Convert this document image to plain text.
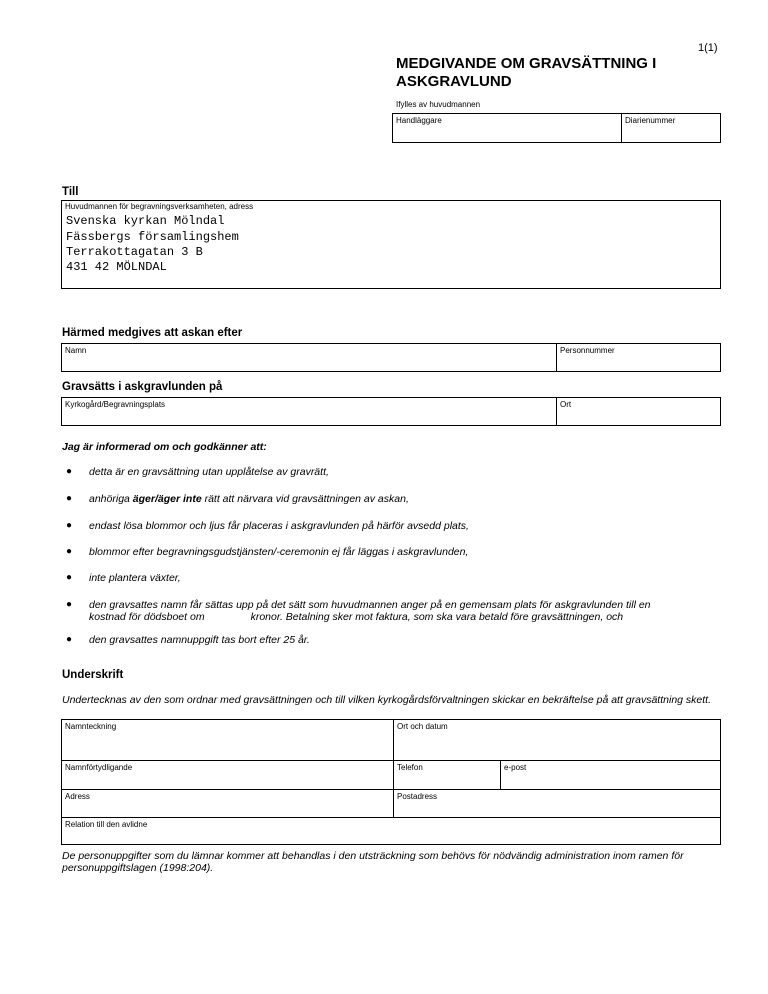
1(1)
MEDGIVANDE OM GRAVSÄTTNING I ASKGRAVLUND
Ifylles av huvudmannen
Handläggare	Diarienummer
Till
Huvudmannen för begravningsverksamheten, adress
Svenska kyrkan Mölndal
Fässbergs församlingshem
Terrakottagatan 3 B
431 42 MÖLNDAL
Härmed medgives att askan efter
Namn	Personnummer
Gravsätts i askgravlunden på
Kyrkogård/Begravningsplats	Ort
Jag är informerad om och godkänner att:
● detta är en gravsättning utan upplåtelse av gravrätt,
● anhöriga äger/äger inte rätt att närvara vid gravsättningen av askan,
● endast lösa blommor och ljus får placeras i askgravlunden på härför avsedd plats,
● blommor efter begravningsgudstjänsten/-ceremonin ej får läggas i askgravlunden,
● inte plantera växter,
● den gravsattes namn får sättas upp på det sätt som huvudmannen anger på en gemensam plats för askgravlunden till en
kostnad för dödsboet om	kronor. Betalning sker mot faktura, som ska vara betald före gravsättningen, och
● den gravsattes namnuppgift tas bort efter 25 år.
Underskrift
Undertecknas av den som ordnar med gravsättningen och till vilken kyrkogårdsförvaltningen skickar en bekräftelse på att gravsättning skett.
Namnteckning	Ort och datum
Namnförtydligande	Telefon	e-post
Adress	Postadress
Relation till den avlidne
De personuppgifter som du lämnar kommer att behandlas i den utsträckning som behövs för nödvändig administration inom ramen för personuppgiftslagen (1998:204).
